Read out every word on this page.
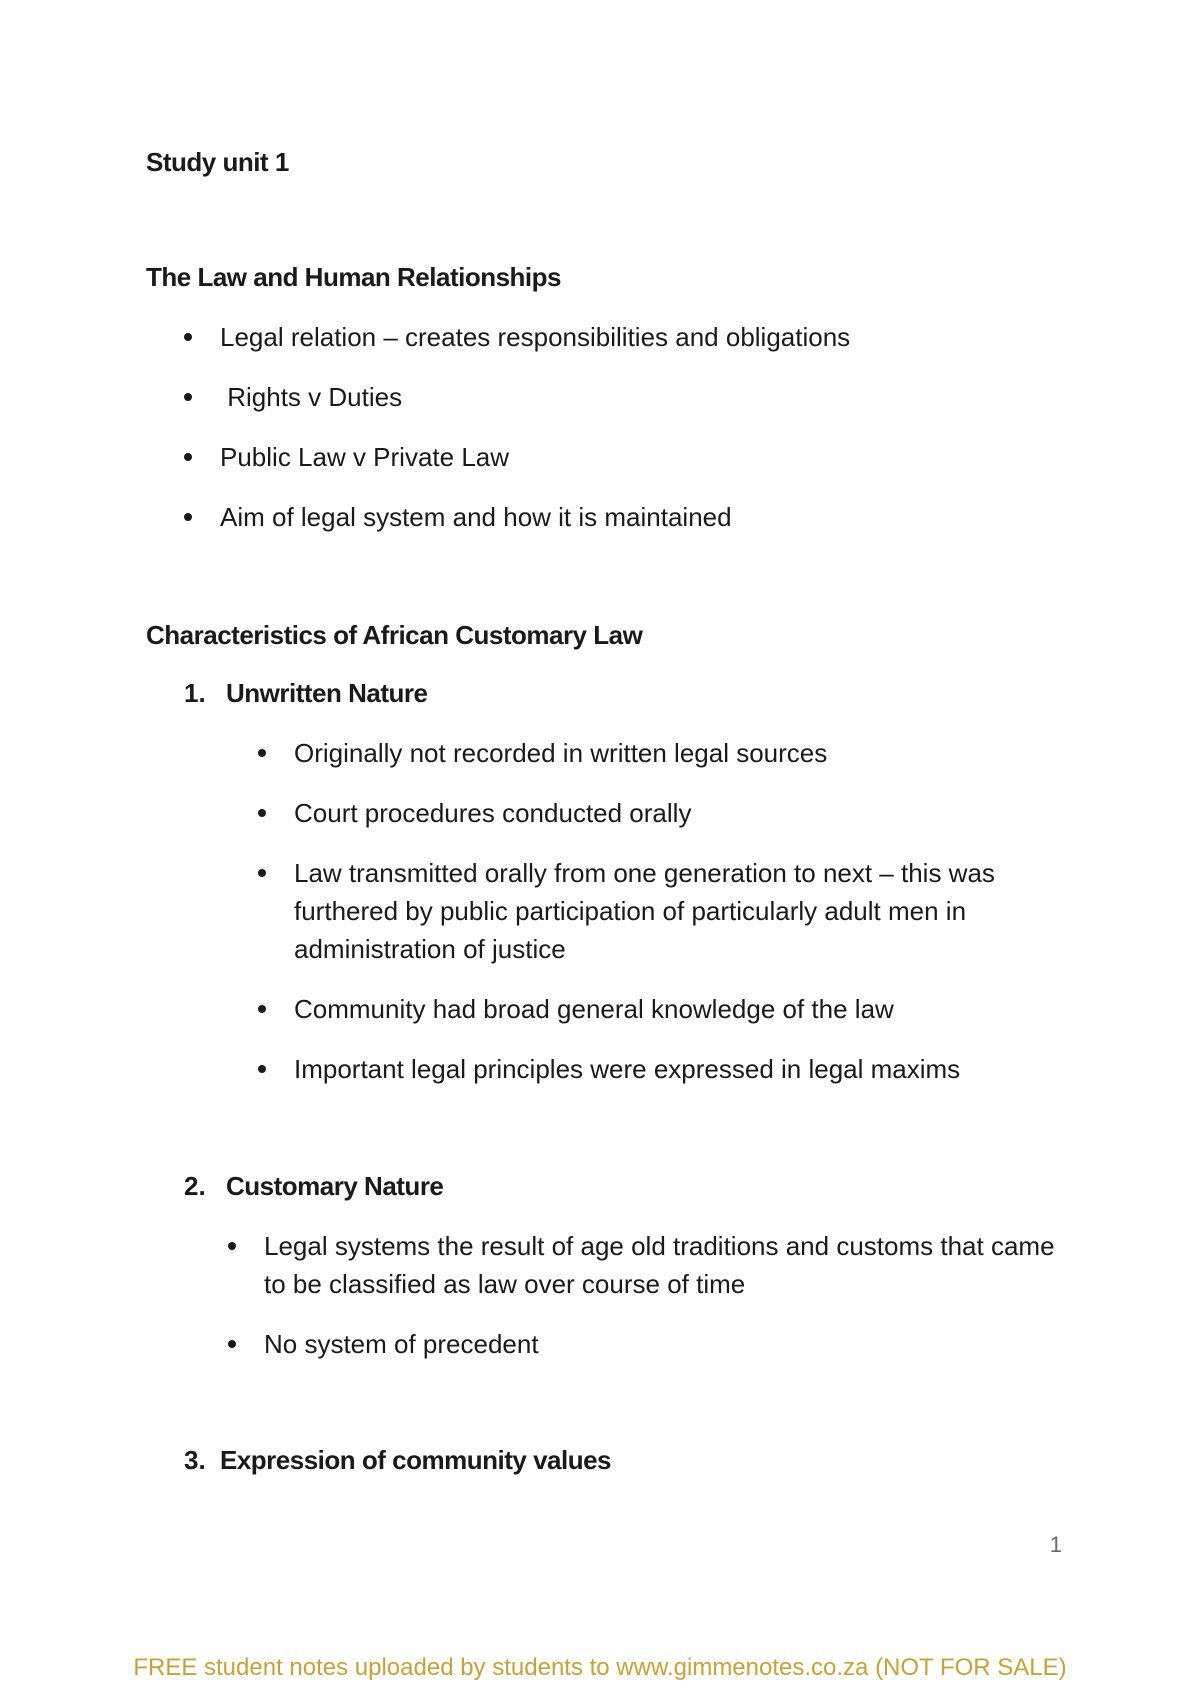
Study unit 1
The Law and Human Relationships
Legal relation – creates responsibilities and obligations
Rights v Duties
Public Law v Private Law
Aim of legal system and how it is maintained
Characteristics of African Customary Law
1. Unwritten Nature
Originally not recorded in written legal sources
Court procedures conducted orally
Law transmitted orally from one generation to next – this was furthered by public participation of particularly adult men in administration of justice
Community had broad general knowledge of the law
Important legal principles were expressed in legal maxims
2. Customary Nature
Legal systems the result of age old traditions and customs that came to be classified as law over course of time
No system of precedent
3. Expression of community values
1
FREE student notes uploaded by students to www.gimmenotes.co.za (NOT FOR SALE)
